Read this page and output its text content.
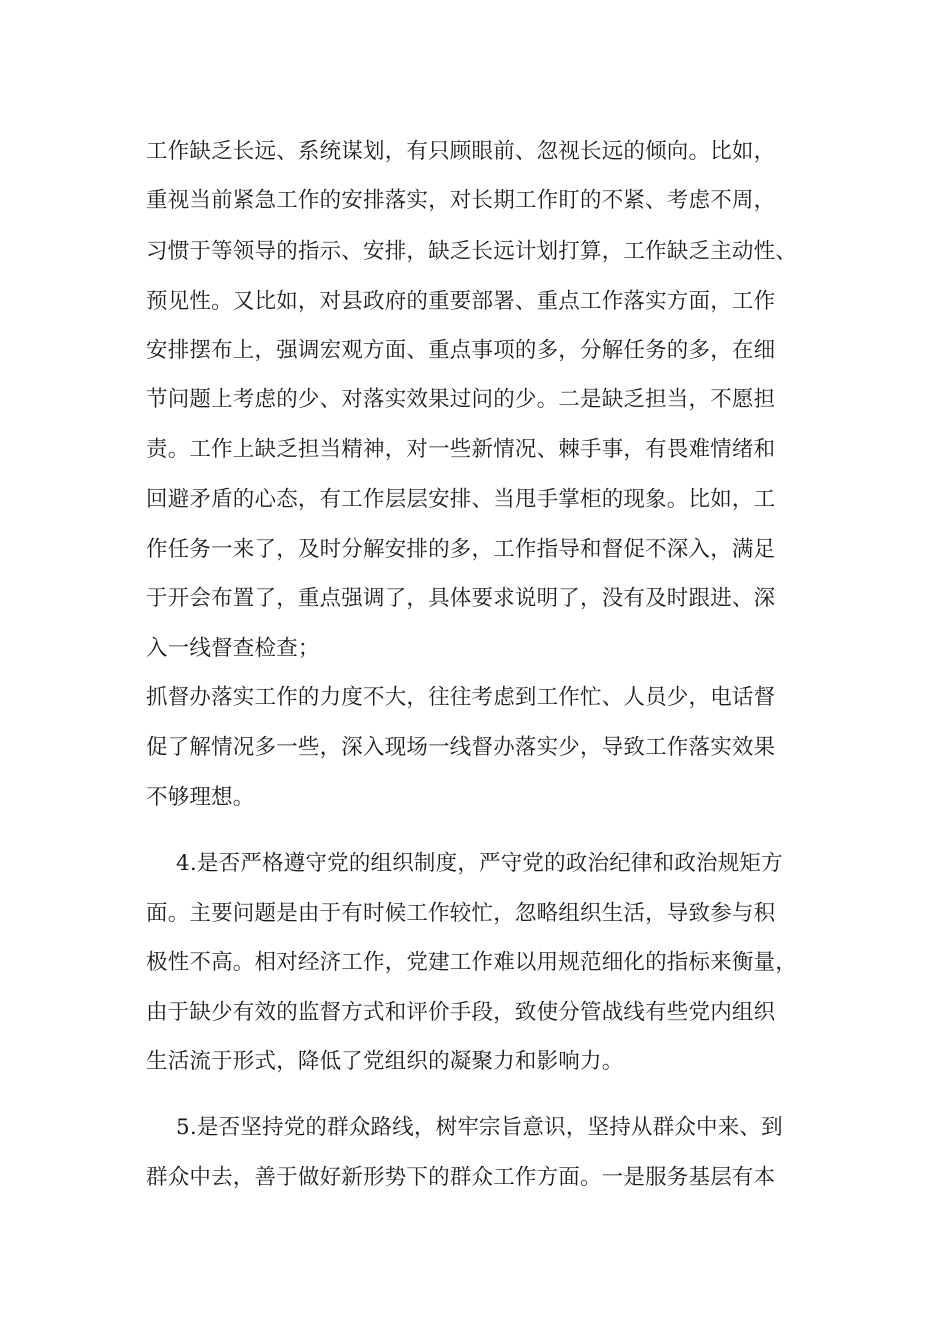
工作缺乏长远、系统谋划，有只顾眼前、忽视长远的倾向。比如，
重视当前紧急工作的安排落实，对长期工作盯的不紧、考虑不周，
习惯于等领导的指示、安排，缺乏长远计划打算，工作缺乏主动性、
预见性。又比如，对县政府的重要部署、重点工作落实方面，工作
安排摆布上，强调宏观方面、重点事项的多，分解任务的多，在细
节问题上考虑的少、对落实效果过问的少。二是缺乏担当，不愿担
责。工作上缺乏担当精神，对一些新情况、棘手事，有畏难情绪和
回避矛盾的心态，有工作层层安排、当甩手掌柜的现象。比如，工
作任务一来了，及时分解安排的多，工作指导和督促不深入，满足
于开会布置了，重点强调了，具体要求说明了，没有及时跟进、深
入一线督查检查；
抓督办落实工作的力度不大，往往考虑到工作忙、人员少，电话督
促了解情况多一些，深入现场一线督办落实少，导致工作落实效果
不够理想。
4.是否严格遵守党的组织制度，严守党的政治纪律和政治规矩方
面。主要问题是由于有时候工作较忙，忽略组织生活，导致参与积
极性不高。相对经济工作，党建工作难以用规范细化的指标来衡量，
由于缺少有效的监督方式和评价手段，致使分管战线有些党内组织
生活流于形式，降低了党组织的凝聚力和影响力。
5.是否坚持党的群众路线，树牢宗旨意识，坚持从群众中来、到
群众中去，善于做好新形势下的群众工作方面。一是服务基层有本
